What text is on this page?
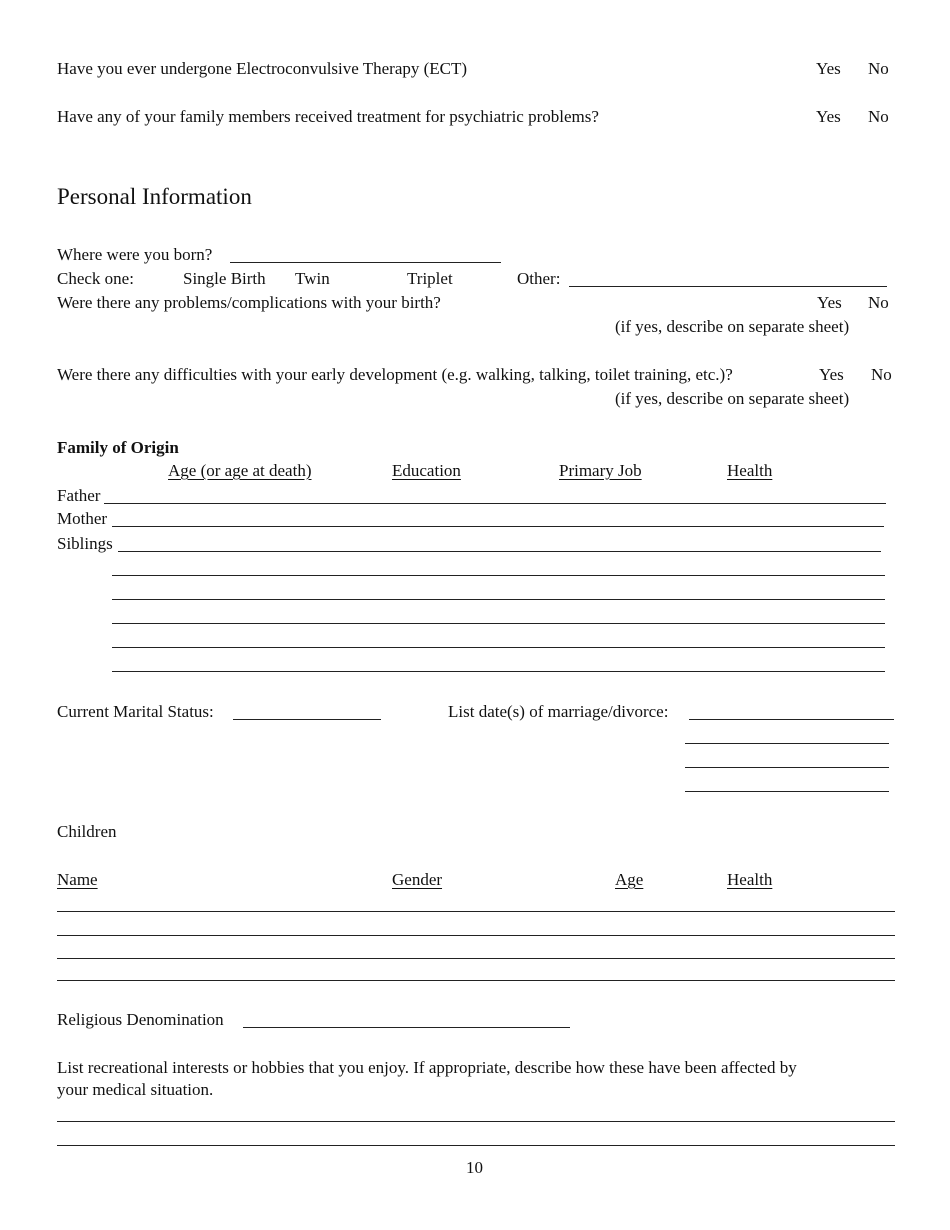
Have you ever undergone Electroconvulsive Therapy (ECT)	Yes No
Have any of your family members received treatment for psychiatric problems?	Yes No
Personal Information
Where were you born?
Check one:	Single Birth Twin	Triplet	Other:
Were there any problems/complications with your birth?	Yes No
(if yes, describe on separate sheet)
Were there any difficulties with your early development (e.g. walking, talking, toilet training, etc.)?	Yes No
(if yes, describe on separate sheet)
Family of Origin
Age (or age at death)	Education	Primary Job	Health
Father
Mother
Siblings
Current Marital Status:	List date(s) of marriage/divorce:
Children
Name	Gender	Age	Health
Religious Denomination
List recreational interests or hobbies that you enjoy. If appropriate, describe how these have been affected by
your medical situation.
10
